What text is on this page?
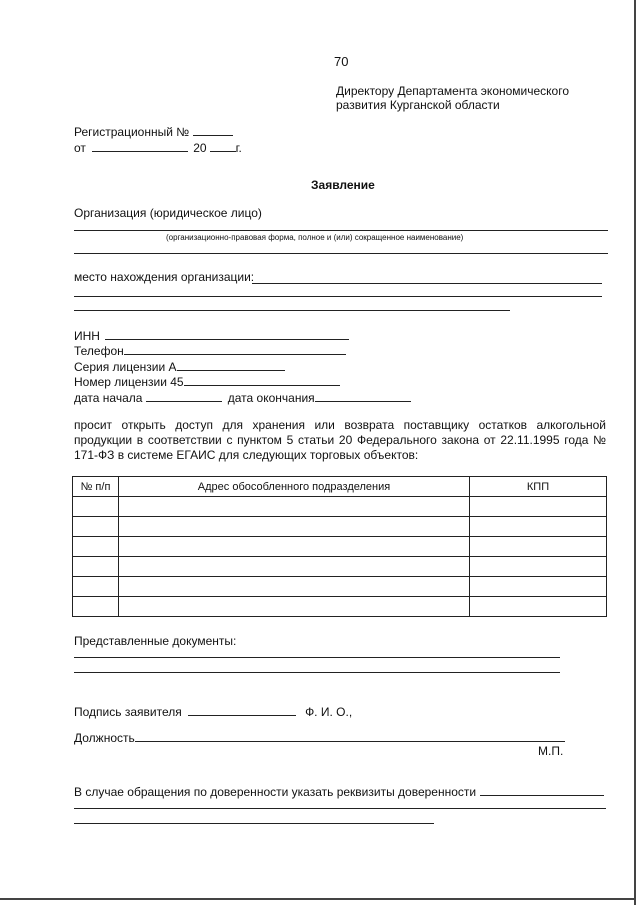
70
Директору Департамента экономического
развития Курганской области
Регистрационный №
от	20 г.
Заявление
Организация (юридическое лицо)
(организационно-правовая форма, полное и (или) сокращенное наименование)
место нахождения организации:
ИНН
Телефон
Серия лицензии А
Номер лицензии 45
дата начала	дата окончания
просит открыть доступ для хранения или возврата поставщику остатков алкогольной продукции в соответствии с пунктом 5 статьи 20 Федерального закона от 22.11.1995 года № 171-ФЗ в системе ЕГАИС для следующих торговых объектов:
№ п/п	Адрес обособленного подразделения	КПП

Представленные документы:
Подпись заявителя	Ф. И. О.,
Должность
М.П.
В случае обращения по доверенности указать реквизиты доверенности
